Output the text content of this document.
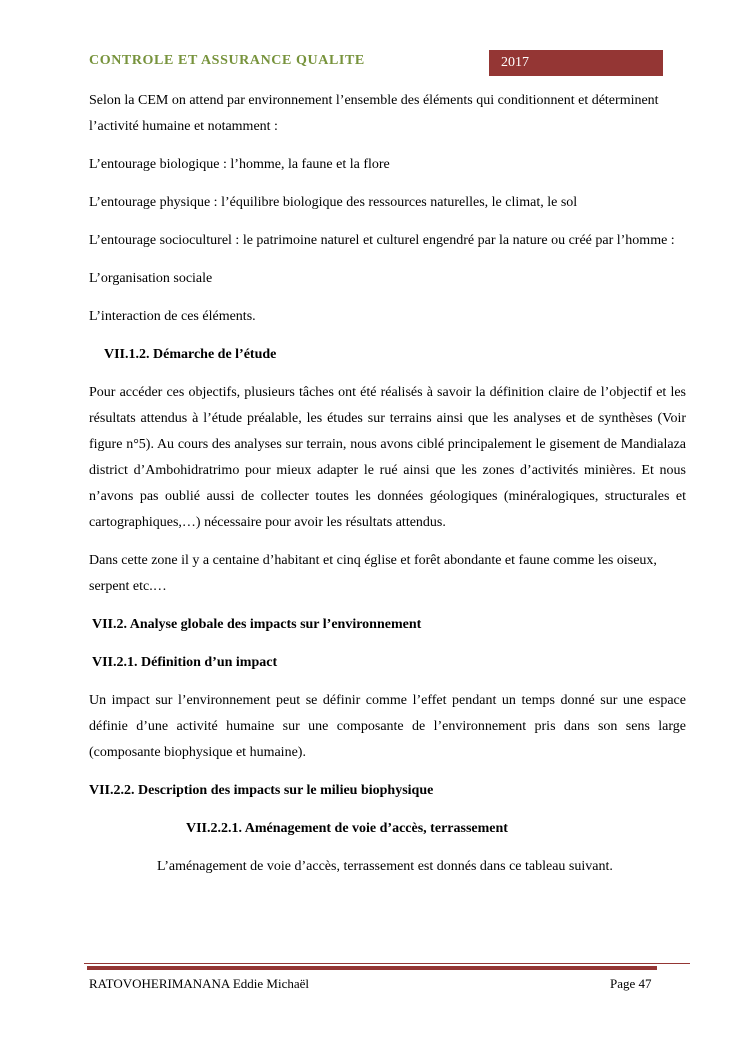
CONTROLE ET ASSURANCE QUALITE	2017

Selon la CEM on attend par environnement l’ensemble des éléments qui conditionnent et déterminent l’activité humaine et notamment :

L’entourage biologique : l’homme, la faune et la flore

L’entourage physique : l’équilibre biologique des ressources naturelles, le climat, le sol

L’entourage socioculturel : le patrimoine naturel et culturel engendré par la nature ou créé par l’homme :

L’organisation sociale

L’interaction de ces éléments.

VII.1.2. Démarche de l’étude

Pour accéder ces objectifs, plusieurs tâches ont été réalisés à savoir la définition claire de l’objectif et les résultats attendus à l’étude préalable, les études sur terrains ainsi que les analyses et de synthèses (Voir figure n°5). Au cours des analyses sur terrain, nous avons ciblé principalement le gisement de Mandialaza district d’Ambohidratrimo pour mieux adapter le rué ainsi que les zones d’activités minières. Et nous n’avons pas oublié aussi de collecter toutes les données géologiques (minéralogiques, structurales et cartographiques,…) nécessaire pour avoir les résultats attendus.

Dans cette zone il y a centaine d’habitant et cinq église et forêt abondante et faune comme les oiseux, serpent etc.…

VII.2. Analyse globale des impacts sur l’environnement
VII.2.1. Définition d’un impact

Un impact sur l’environnement peut se définir comme l’effet pendant un temps donné sur une espace définie d’une activité humaine sur une composante de l’environnement pris dans son sens large (composante biophysique et humaine).

VII.2.2. Description des impacts sur le milieu biophysique
VII.2.2.1. Aménagement de voie d’accès, terrassement

L’aménagement de voie d’accès, terrassement est donnés dans ce tableau suivant.

RATOVOHERIMANANA Eddie Michaël	Page 47
